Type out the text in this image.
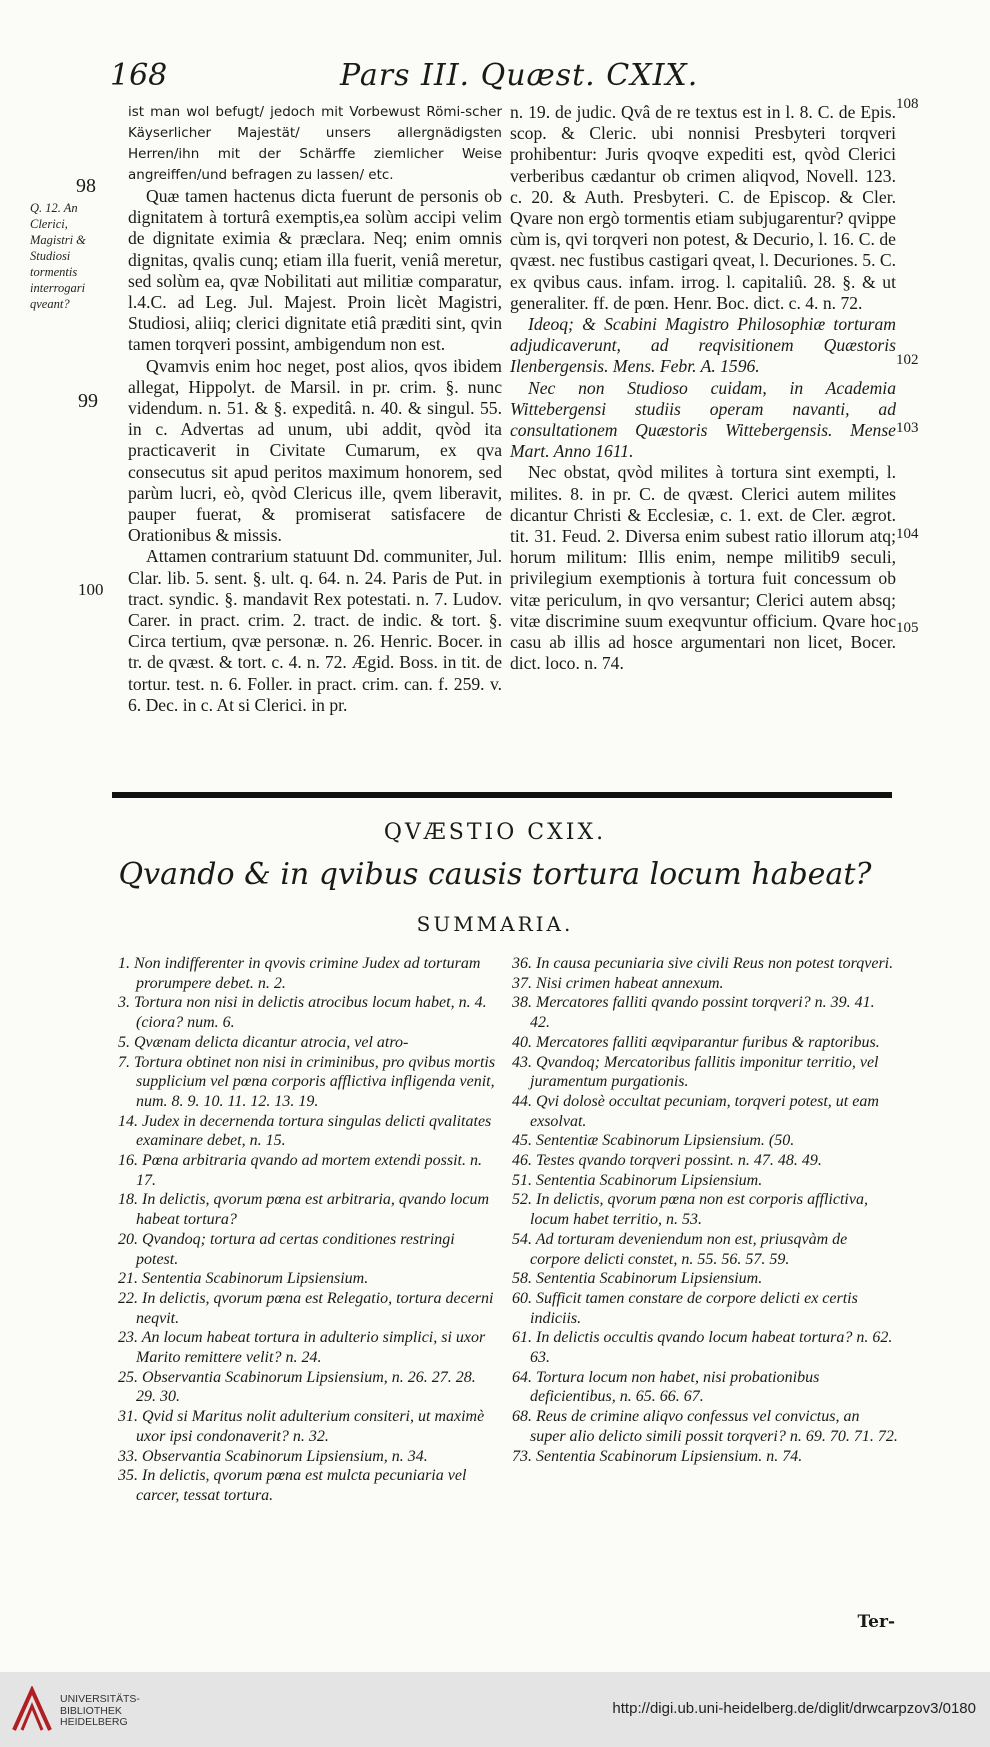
168	Pars III. Quæst. CXIX.

ist man wol befugt/ jedoch mit Vorbewust Römi-scher Käyserlicher Majestät/ unsers allergnädigsten Herren/ihn mit der Schärffe ziemlicher Weise angreiffen/und befragen zu lassen/ etc.

Quæ tamen hactenus dicta fuerunt de personis ob dignitatem à torturâ exemptis,ea solùm accipi velim de dignitate eximia & præclara. Neq; enim omnis dignitas, qvalis cunq; etiam illa fuerit, veniâ meretur, sed solùm ea, qvæ Nobilitati aut militiæ comparatur, l.4.C. ad Leg. Jul. Majest. Proin licèt Magistri, Studiosi, aliiq; clerici dignitate etiâ præditi sint, qvin tamen torqveri possint, ambigendum non est.

Qvamvis enim hoc neget, post alios, qvos ibidem allegat, Hippolyt. de Marsil. in pr. crim. §. nunc videndum. n. 51. & §. expeditâ. n. 40. & singul. 55. in c. Advertas ad unum, ubi addit, qvòd ita practicaverit in Civitate Cumarum, ex qva consecutus sit apud peritos maximum honorem, sed parùm lucri, eò, qvòd Clericus ille, qvem liberavit, pauper fuerat, & promiserat satisfacere de Orationibus & missis.

Attamen contrarium statuunt Dd. communiter, Jul. Clar. lib. 5. sent. §. ult. q. 64. n. 24. Paris de Put. in tract. syndic. §. mandavit Rex potestati. n. 7. Ludov. Carer. in pract. crim. 2. tract. de indic. & tort. §. Circa tertium, qvæ personæ. n. 26. Henric. Bocer. in tr. de qvæst. & tort. c. 4. n. 72. Ægid. Boss. in tit. de tortur. test. n. 6. Foller. in pract. crim. can. f. 259. v. 6. Dec. in c. At si Clerici. in pr.

Q. 12. An Clerici, Magistri & Studiosi tormentis interrogari qveant?
98
99
100

n. 19. de judic. Qvâ de re textus est in l. 8. C. de Epis. scop. & Cleric. ubi nonnisi Presbyteri torqveri prohibentur: Juris qvoqve expediti est, qvòd Clerici verberibus cædantur ob crimen aliqvod, Novell. 123. c. 20. & Auth. Presbyteri. C. de Episcop. & Cler. Qvare non ergò tormentis etiam subjugarentur? qvippe cùm is, qvi torqveri non potest, & Decurio, l. 16. C. de qvæst. nec fustibus castigari qveat, l. Decuriones. 5. C. ex qvibus caus. infam. irrog. l. capitaliû. 28. §. & ut generaliter. ff. de pœn. Henr. Boc. dict. c. 4. n. 72.

Ideoq; & Scabini Magistro Philosophiæ torturam adjudicaverunt, ad reqvisitionem Quæstoris Ilenbergensis. Mens. Febr. A. 1596.

Nec non Studioso cuidam, in Academia Wittebergensi studiis operam navanti, ad consultationem Quæstoris Wittebergensis. Mense Mart. Anno 1611.

Nec obstat, qvòd milites à tortura sint exempti, l. milites. 8. in pr. C. de qvæst. Clerici autem milites dicantur Christi & Ecclesiæ, c. 1. ext. de Cler. ægrot. tit. 31. Feud. 2. Diversa enim subest ratio illorum atq; horum militum: Illis enim, nempe militib9 seculi, privilegium exemptionis à tortura fuit concessum ob vitæ periculum, in qvo versantur; Clerici autem absq; vitæ discrimine suum exeqvuntur officium. Qvare hoc casu ab illis ad hosce argumentari non licet, Bocer. dict. loco. n. 74.

108
102
103
104
105
QVÆSTIO CXIX.
Qvando & in qvibus causis tortura locum habeat?
SUMMARIA.
1. Non indifferenter in qvovis crimine Judex ad torturam prorumpere debet. n. 2.
3. Tortura non nisi in delictis atrocibus locum habet, n. 4. (ciora? num. 6.
5. Qvænam delicta dicantur atrocia, vel atro-
7. Tortura obtinet non nisi in criminibus, pro qvibus mortis supplicium vel pœna corporis afflictiva infligenda venit, num. 8. 9. 10. 11. 12. 13. 19.
14. Judex in decernenda tortura singulas delicti qvalitates examinare debet, n. 15.
16. Pœna arbitraria qvando ad mortem extendi possit. n. 17.
18. In delictis, qvorum pœna est arbitraria, qvando locum habeat tortura?
20. Qvandoq; tortura ad certas conditiones restringi potest.
21. Sententia Scabinorum Lipsiensium.
22. In delictis, qvorum pœna est Relegatio, tortura decerni neqvit.
23. An locum habeat tortura in adulterio simplici, si uxor Marito remittere velit? n. 24.
25. Observantia Scabinorum Lipsiensium, n. 26. 27. 28. 29. 30.
31. Qvid si Maritus nolit adulterium consiteri, ut maximè uxor ipsi condonaverit? n. 32.
33. Observantia Scabinorum Lipsiensium, n. 34.
35. In delictis, qvorum pœna est mulcta pecuniaria vel carcer, tessat tortura.
36. In causa pecuniaria sive civili Reus non potest torqveri.
37. Nisi crimen habeat annexum.
38. Mercatores falliti qvando possint torqveri? n. 39. 41. 42.
40. Mercatores falliti æqviparantur furibus & raptoribus.
43. Qvandoq; Mercatoribus fallitis imponitur territio, vel juramentum purgationis.
44. Qvi dolosè occultat pecuniam, torqveri potest, ut eam exsolvat.
45. Sententiæ Scabinorum Lipsiensium. (50.
46. Testes qvando torqveri possint. n. 47. 48. 49.
51. Sententia Scabinorum Lipsiensium.
52. In delictis, qvorum pœna non est corporis afflictiva, locum habet territio, n. 53.
54. Ad torturam deveniendum non est, priusqvàm de corpore delicti constet, n. 55. 56. 57. 59.
58. Sententia Scabinorum Lipsiensium.
60. Sufficit tamen constare de corpore delicti ex certis indiciis.
61. In delictis occultis qvando locum habeat tortura? n. 62. 63.
64. Tortura locum non habet, nisi probationibus deficientibus, n. 65. 66. 67.
68. Reus de crimine aliqvo confessus vel convictus, an super alio delicto simili possit torqveri? n. 69. 70. 71. 72.
73. Sententia Scabinorum Lipsiensium. n. 74.
Ter-
UNIVERSITÄTS-
BIBLIOTHEK
HEIDELBERG
http://digi.ub.uni-heidelberg.de/diglit/drwcarpzov3/0180
